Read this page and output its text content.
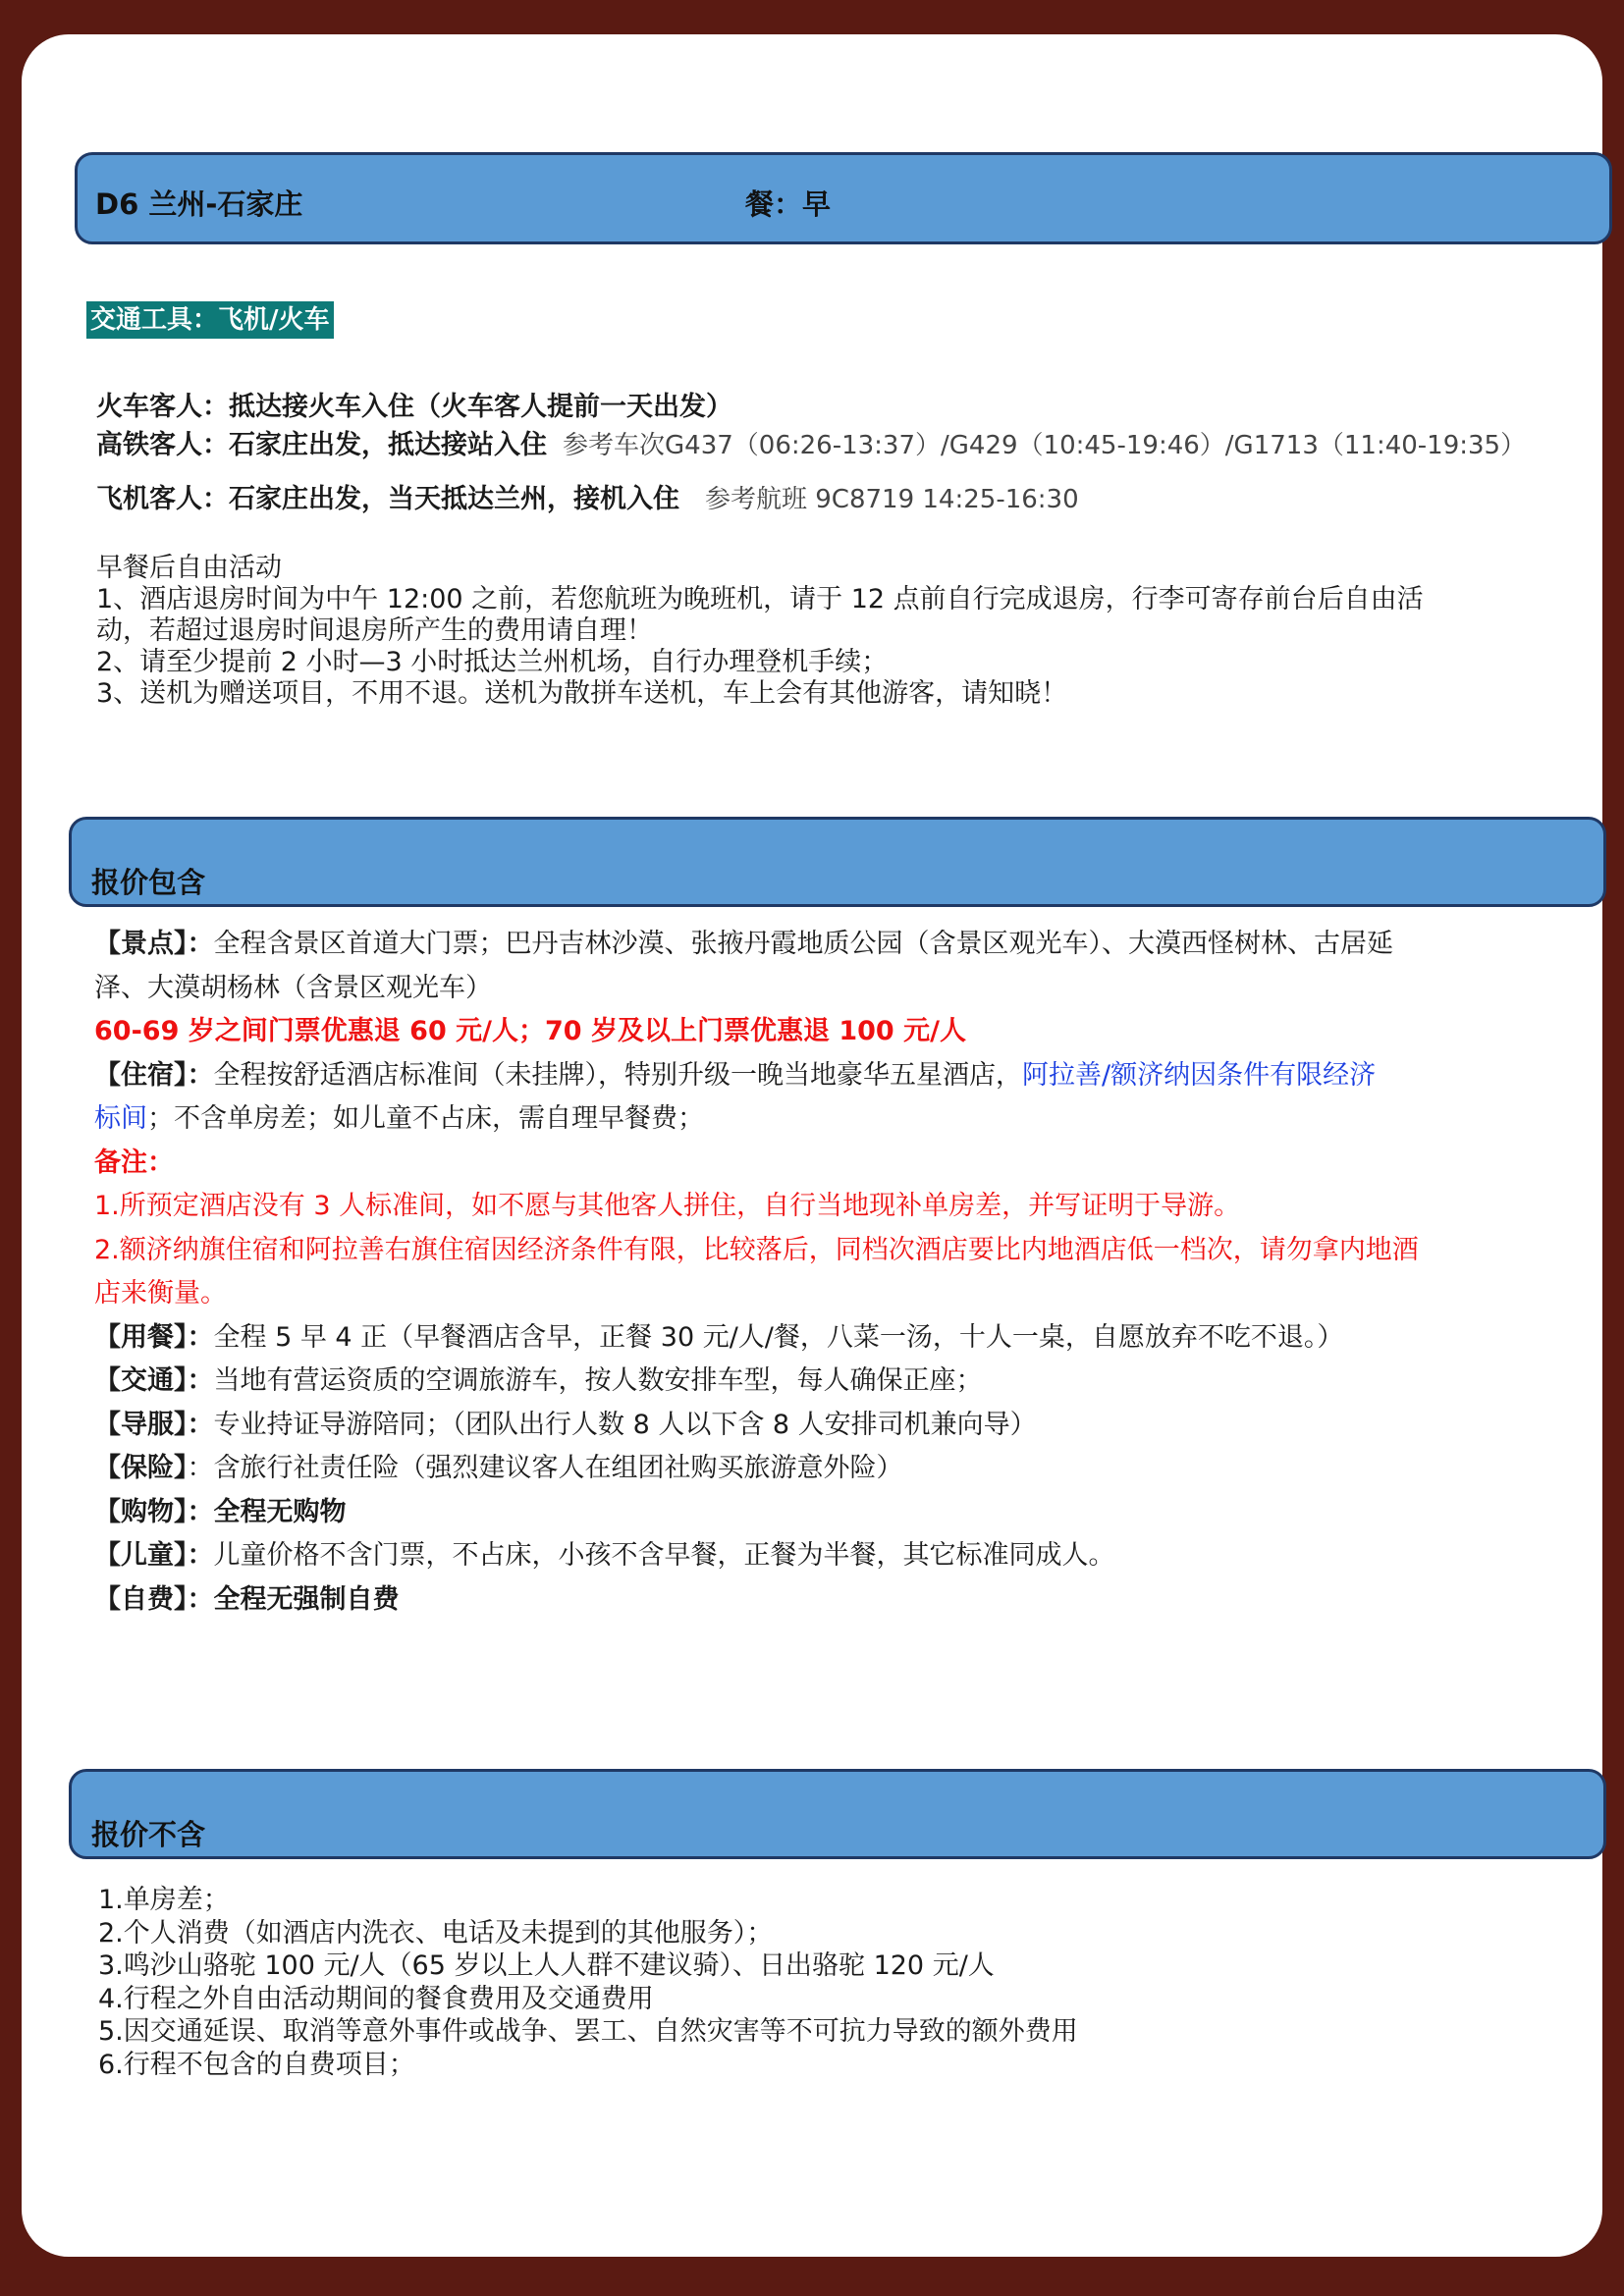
D6 兰州-石家庄	餐：早
交通工具：飞机/火车
火车客人：抵达接火车入住（火车客人提前一天出发）
高铁客人：石家庄出发，抵达接站入住 参考车次G437（06:26-13:37）/G429（10:45-19:46）/G1713（11:40-19:35）
飞机客人：石家庄出发，当天抵达兰州，接机入住 参考航班 9C8719 14:25-16:30
早餐后自由活动
1、酒店退房时间为中午 12:00 之前，若您航班为晚班机，请于 12 点前自行完成退房，行李可寄存前台后自由活
动，若超过退房时间退房所产生的费用请自理！
2、请至少提前 2 小时—3 小时抵达兰州机场，自行办理登机手续；
3、送机为赠送项目，不用不退。送机为散拼车送机，车上会有其他游客，请知晓！
报价包含
【景点】：全程含景区首道大门票；巴丹吉林沙漠、张掖丹霞地质公园（含景区观光车）、大漠西怪树林、古居延
泽、大漠胡杨林（含景区观光车）
60-69 岁之间门票优惠退 60 元/人；70 岁及以上门票优惠退 100 元/人
【住宿】：全程按舒适酒店标准间（未挂牌），特别升级一晚当地豪华五星酒店，阿拉善/额济纳因条件有限经济
标间；不含单房差；如儿童不占床，需自理早餐费；
备注：
1.所预定酒店没有 3 人标准间，如不愿与其他客人拼住，自行当地现补单房差，并写证明于导游。
2.额济纳旗住宿和阿拉善右旗住宿因经济条件有限，比较落后，同档次酒店要比内地酒店低一档次，请勿拿内地酒
店来衡量。
【用餐】：全程 5 早 4 正（早餐酒店含早，正餐 30 元/人/餐，八菜一汤，十人一桌，自愿放弃不吃不退。）
【交通】：当地有营运资质的空调旅游车，按人数安排车型，每人确保正座；
【导服】：专业持证导游陪同；（团队出行人数 8 人以下含 8 人安排司机兼向导）
【保险】：含旅行社责任险（强烈建议客人在组团社购买旅游意外险）
【购物】：全程无购物
【儿童】：儿童价格不含门票，不占床，小孩不含早餐，正餐为半餐，其它标准同成人。
【自费】：全程无强制自费
报价不含
1.单房差；
2.个人消费（如酒店内洗衣、电话及未提到的其他服务）；
3.鸣沙山骆驼 100 元/人（65 岁以上人人群不建议骑）、日出骆驼 120 元/人
4.行程之外自由活动期间的餐食费用及交通费用
5.因交通延误、取消等意外事件或战争、罢工、自然灾害等不可抗力导致的额外费用
6.行程不包含的自费项目；
